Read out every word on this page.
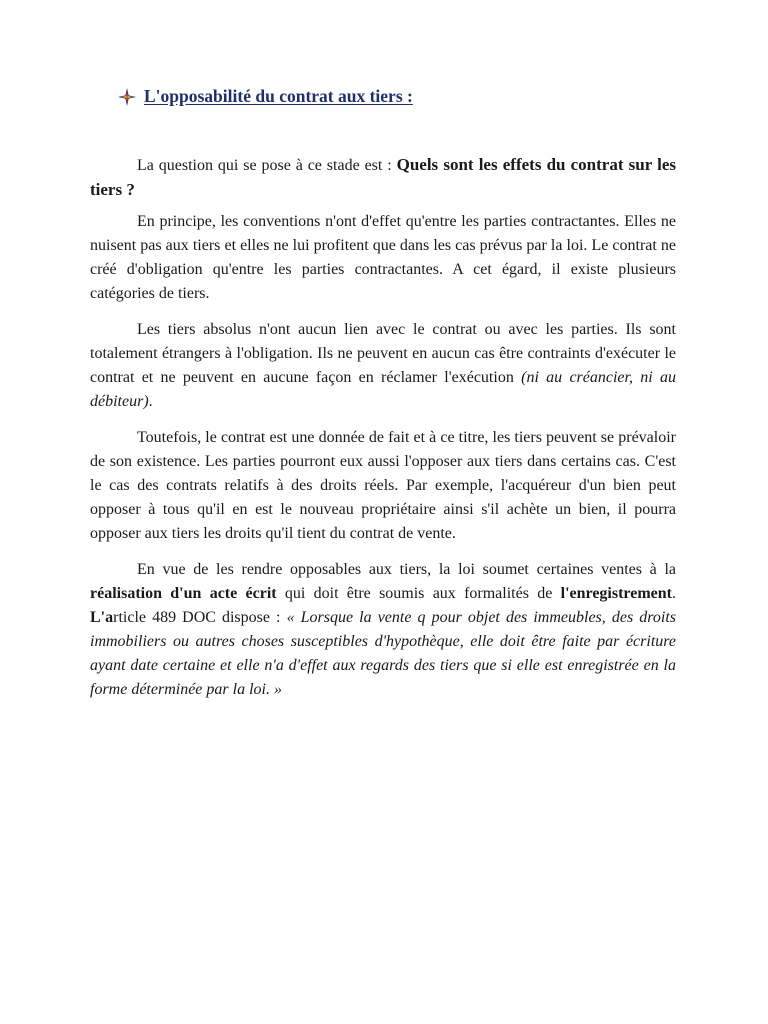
L'opposabilité du contrat aux tiers :

La question qui se pose à ce stade est : Quels sont les effets du contrat sur les tiers ?

En principe, les conventions n'ont d'effet qu'entre les parties contractantes. Elles ne nuisent pas aux tiers et elles ne lui profitent que dans les cas prévus par la loi. Le contrat ne créé d'obligation qu'entre les parties contractantes. A cet égard, il existe plusieurs catégories de tiers.

Les tiers absolus n'ont aucun lien avec le contrat ou avec les parties. Ils sont totalement étrangers à l'obligation. Ils ne peuvent en aucun cas être contraints d'exécuter le contrat et ne peuvent en aucune façon en réclamer l'exécution (ni au créancier, ni au débiteur).

Toutefois, le contrat est une donnée de fait et à ce titre, les tiers peuvent se prévaloir de son existence. Les parties pourront eux aussi l'opposer aux tiers dans certains cas. C'est le cas des contrats relatifs à des droits réels. Par exemple, l'acquéreur d'un bien peut opposer à tous qu'il en est le nouveau propriétaire ainsi s'il achète un bien, il pourra opposer aux tiers les droits qu'il tient du contrat de vente.

En vue de les rendre opposables aux tiers, la loi soumet certaines ventes à la réalisation d'un acte écrit qui doit être soumis aux formalités de l'enregistrement. L'article 489 DOC dispose : « Lorsque la vente q pour objet des immeubles, des droits immobiliers ou autres choses susceptibles d'hypothèque, elle doit être faite par écriture ayant date certaine et elle n'a d'effet aux regards des tiers que si elle est enregistrée en la forme déterminée par la loi. »
